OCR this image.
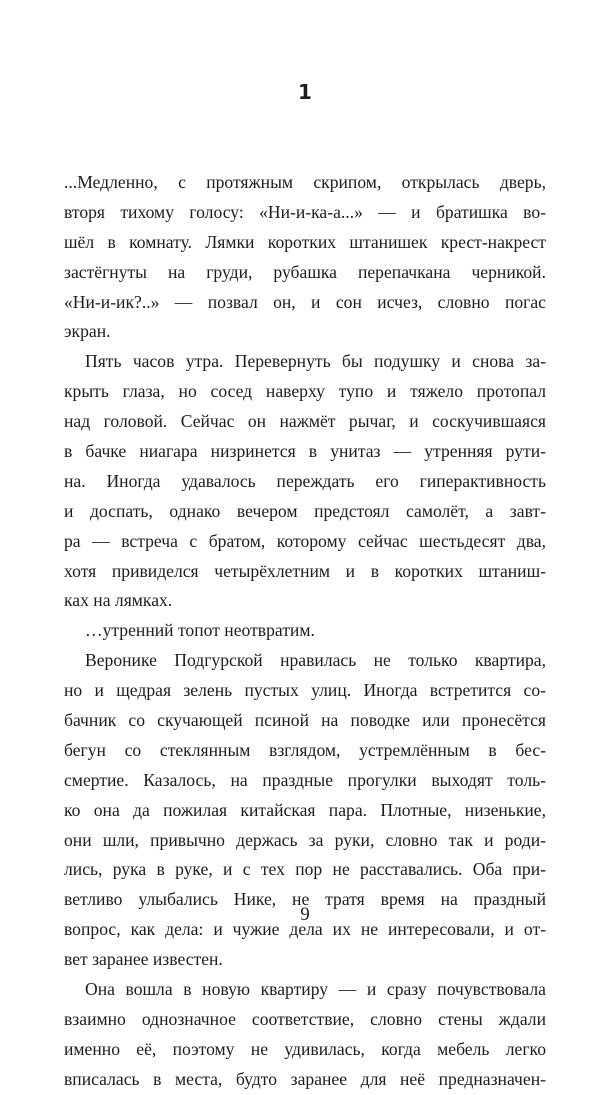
1
...Медленно, с протяжным скрипом, открылась дверь,
вторя тихому голосу: «Ни-и-ка-а...» — и братишка во-
шёл в комнату. Лямки коротких штанишек крест-накрест
застёгнуты на груди, рубашка перепачкана черникой.
«Ни-и-ик?..» — позвал он, и сон исчез, словно погас
экран.
Пять часов утра. Перевернуть бы подушку и снова за-
крыть глаза, но сосед наверху тупо и тяжело протопал
над головой. Сейчас он нажмёт рычаг, и соскучившаяся
в бачке ниагара низринется в унитаз — утренняя рути-
на. Иногда удавалось переждать его гиперактивность
и доспать, однако вечером предстоял самолёт, а завт-
ра — встреча с братом, которому сейчас шестьдесят два,
хотя привиделся четырёхлетним и в коротких штаниш-
ках на лямках.
…утренний топот неотвратим.
Веронике Подгурской нравилась не только квартира,
но и щедрая зелень пустых улиц. Иногда встретится со-
бачник со скучающей псиной на поводке или пронесётся
бегун со стеклянным взглядом, устремлённым в бес-
смертие. Казалось, на праздные прогулки выходят толь-
ко она да пожилая китайская пара. Плотные, низенькие,
они шли, привычно держась за руки, словно так и роди-
лись, рука в руке, и с тех пор не расставались. Оба при-
ветливо улыбались Нике, не тратя время на праздный
вопрос, как дела: и чужие дела их не интересовали, и от-
вет заранее известен.
Она вошла в новую квартиру — и сразу почувствовала
взаимно однозначное соответствие, словно стены ждали
именно её, поэтому не удивилась, когда мебель легко
вписалась в места, будто заранее для неё предназначен-
9
